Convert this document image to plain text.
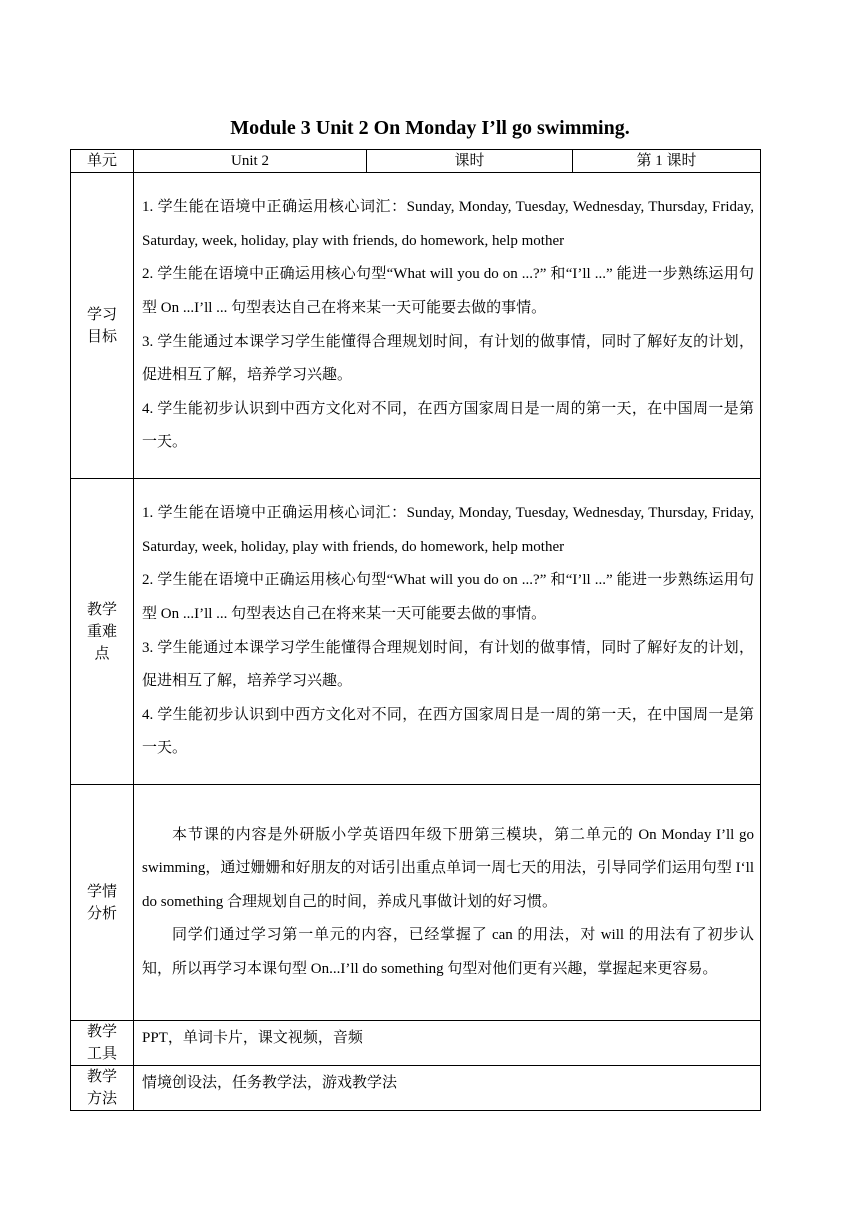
Module 3 Unit 2 On Monday I’ll go swimming.
单元	Unit 2	课时	第 1 课时
学习目标	1. 学生能在语境中正确运用核心词汇：Sunday, Monday, Tuesday, Wednesday, Thursday, Friday, Saturday, week, holiday, play with friends, do homework, help mother

2. 学生能在语境中正确运用核心句型“What will you do on ...?” 和“I’ll ...” 能进一步熟练运用句型 On ...I’ll ... 句型表达自己在将来某一天可能要去做的事情。

3. 学生能通过本课学习学生能懂得合理规划时间，有计划的做事情，同时了解好友的计划，促进相互了解，培养学习兴趣。

4. 学生能初步认识到中西方文化对不同，在西方国家周日是一周的第一天，在中国周一是第一天。		

教学重难点	1. 学生能在语境中正确运用核心词汇：Sunday, Monday, Tuesday, Wednesday, Thursday, Friday, Saturday, week, holiday, play with friends, do homework, help mother

2. 学生能在语境中正确运用核心句型“What will you do on ...?” 和“I’ll ...” 能进一步熟练运用句型 On ...I’ll ... 句型表达自己在将来某一天可能要去做的事情。

3. 学生能通过本课学习学生能懂得合理规划时间，有计划的做事情，同时了解好友的计划，促进相互了解，培养学习兴趣。

4. 学生能初步认识到中西方文化对不同，在西方国家周日是一周的第一天，在中国周一是第一天。		

学情分析	本节课的内容是外研版小学英语四年级下册第三模块，第二单元的 On Monday I’ll go swimming，通过姗姗和好朋友的对话引出重点单词一周七天的用法，引导同学们运用句型 I‘ll do something 合理规划自己的时间，养成凡事做计划的好习惯。

同学们通过学习第一单元的内容，已经掌握了 can 的用法，对 will 的用法有了初步认知，所以再学习本课句型 On...I’ll do something 句型对他们更有兴趣，掌握起来更容易。		

教学工具	PPT，单词卡片，课文视频，音频		
教学方法	情境创设法，任务教学法，游戏教学法		
